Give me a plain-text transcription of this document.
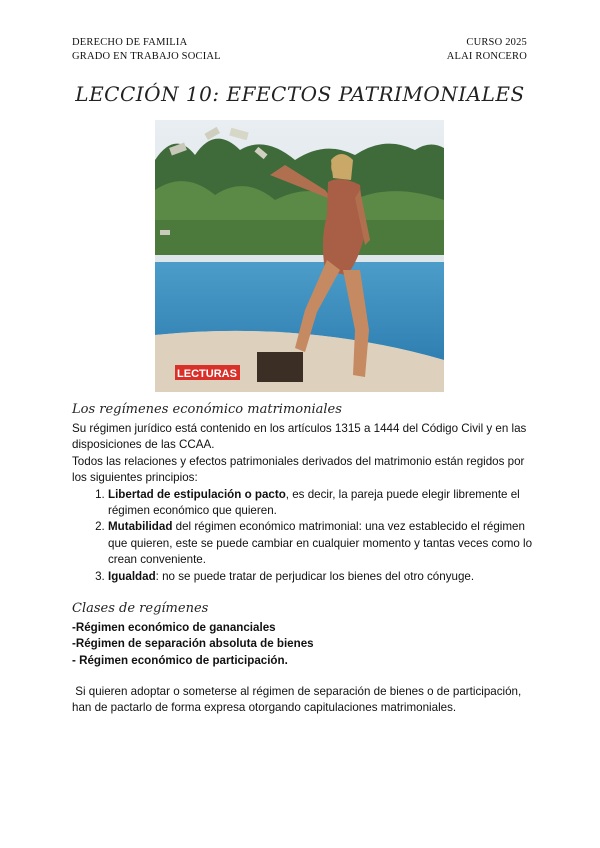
DERECHO DE FAMILIA
GRADO EN TRABAJO SOCIAL
CURSO 2025
ALAI RONCERO
LECCIÓN 10: EFECTOS PATRIMONIALES
LECTURAS
Los regímenes económico matrimoniales

Su régimen jurídico está contenido en los artículos 1315 a 1444 del Código Civil y en las disposiciones de las CCAA.

Todos las relaciones y efectos patrimoniales derivados del matrimonio están regidos por los siguientes principios:

1. Libertad de estipulación o pacto, es decir, la pareja puede elegir libremente el régimen económico que quieren.
2. Mutabilidad del régimen económico matrimonial: una vez establecido el régimen que quieren, este se puede cambiar en cualquier momento y tantas veces como lo crean conveniente.
3. Igualdad: no se puede tratar de perjudicar los bienes del otro cónyuge.
Clases de regímenes

-Régimen económico de gananciales

-Régimen de separación absoluta de bienes

- Régimen económico de participación.

Si quieren adoptar o someterse al régimen de separación de bienes o de participación, han de pactarlo de forma expresa otorgando capitulaciones matrimoniales.
